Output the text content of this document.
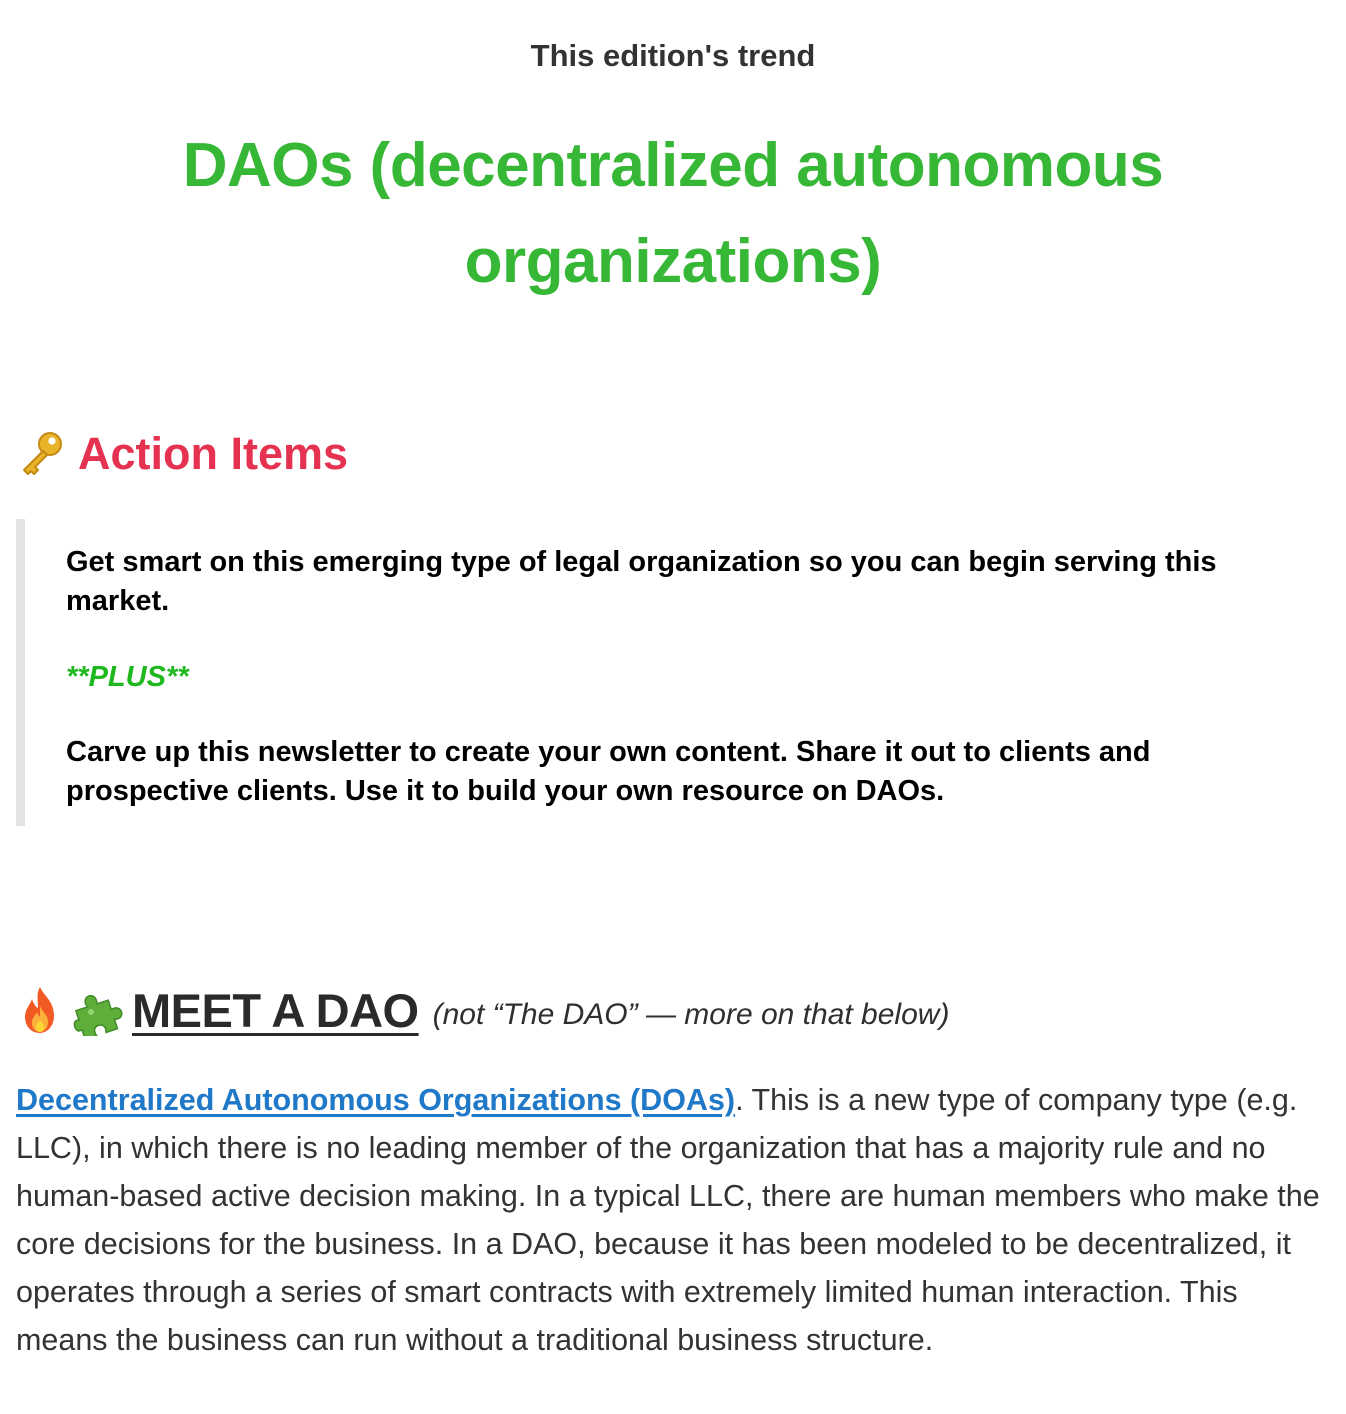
This edition's trend
DAOs (decentralized autonomous organizations)
Action Items
Get smart on this emerging type of legal organization so you can begin serving this market.
**PLUS**
Carve up this newsletter to create your own content. Share it out to clients and prospective clients. Use it to build your own resource on DAOs.
MEET A DAO (not “The DAO” — more on that below)
Decentralized Autonomous Organizations (DOAs). This is a new type of company type (e.g. LLC), in which there is no leading member of the organization that has a majority rule and no human-based active decision making. In a typical LLC, there are human members who make the core decisions for the business. In a DAO, because it has been modeled to be decentralized, it operates through a series of smart contracts with extremely limited human interaction. This means the business can run without a traditional business structure.
